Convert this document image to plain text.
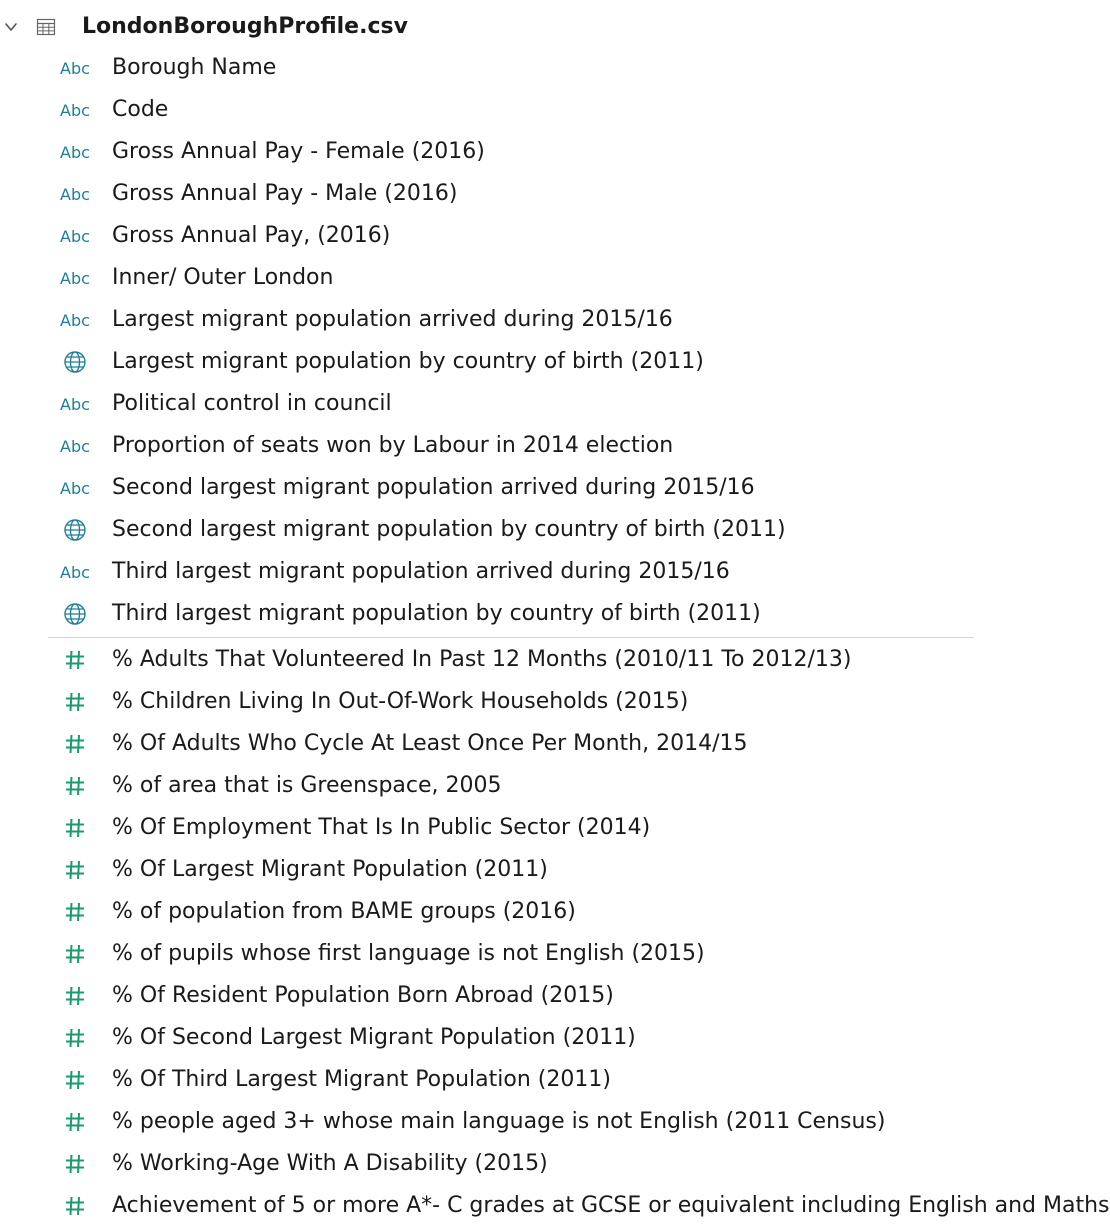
LondonBoroughProfile.csv
Abc Borough Name
Abc Code
Abc Gross Annual Pay - Female (2016)
Abc Gross Annual Pay - Male (2016)
Abc Gross Annual Pay, (2016)
Abc Inner/ Outer London
Abc Largest migrant population arrived during 2015/16
Largest migrant population by country of birth (2011)
Abc Political control in council
Abc Proportion of seats won by Labour in 2014 election
Abc Second largest migrant population arrived during 2015/16
Second largest migrant population by country of birth (2011)
Abc Third largest migrant population arrived during 2015/16
Third largest migrant population by country of birth (2011)
% Adults That Volunteered In Past 12 Months (2010/11 To 2012/13)
% Children Living In Out-Of-Work Households (2015)
% Of Adults Who Cycle At Least Once Per Month, 2014/15
% of area that is Greenspace, 2005
% Of Employment That Is In Public Sector (2014)
% Of Largest Migrant Population (2011)
% of population from BAME groups (2016)
% of pupils whose first language is not English (2015)
% Of Resident Population Born Abroad (2015)
% Of Second Largest Migrant Population (2011)
% Of Third Largest Migrant Population (2011)
% people aged 3+ whose main language is not English (2011 Census)
% Working-Age With A Disability (2015)
Achievement of 5 or more A*- C grades at GCSE or equivalent including English and Maths
